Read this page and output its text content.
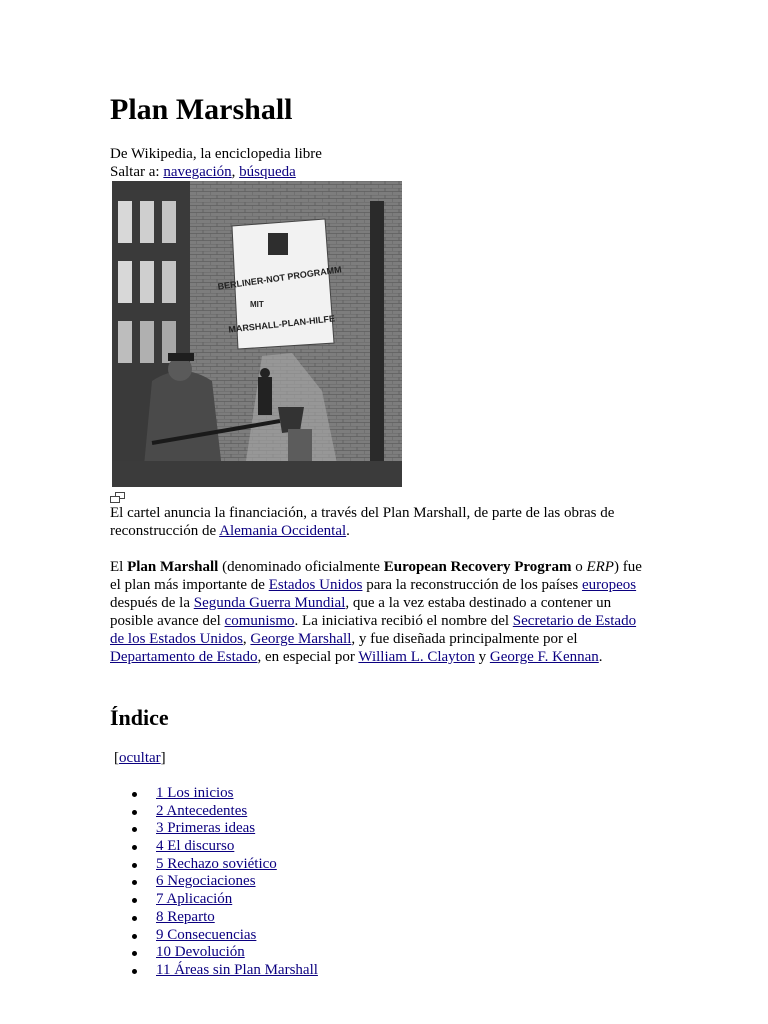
Plan Marshall
De Wikipedia, la enciclopedia libre
Saltar a: navegación, búsqueda
BERLINER-NOT PROGRAMM
MIT
MARSHALL-PLAN-HILFE
El cartel anuncia la financiación, a través del Plan Marshall, de parte de las obras de reconstrucción de Alemania Occidental.

El Plan Marshall (denominado oficialmente European Recovery Program o ERP) fue el plan más importante de Estados Unidos para la reconstrucción de los países europeos después de la Segunda Guerra Mundial, que a la vez estaba destinado a contener un posible avance del comunismo. La iniciativa recibió el nombre del Secretario de Estado de los Estados Unidos, George Marshall, y fue diseñada principalmente por el Departamento de Estado, en especial por William L. Clayton y George F. Kennan.

Índice
[ocultar]
1 Los inicios
2 Antecedentes
3 Primeras ideas
4 El discurso
5 Rechazo soviético
6 Negociaciones
7 Aplicación
8 Reparto
9 Consecuencias
10 Devolución
11 Áreas sin Plan Marshall
